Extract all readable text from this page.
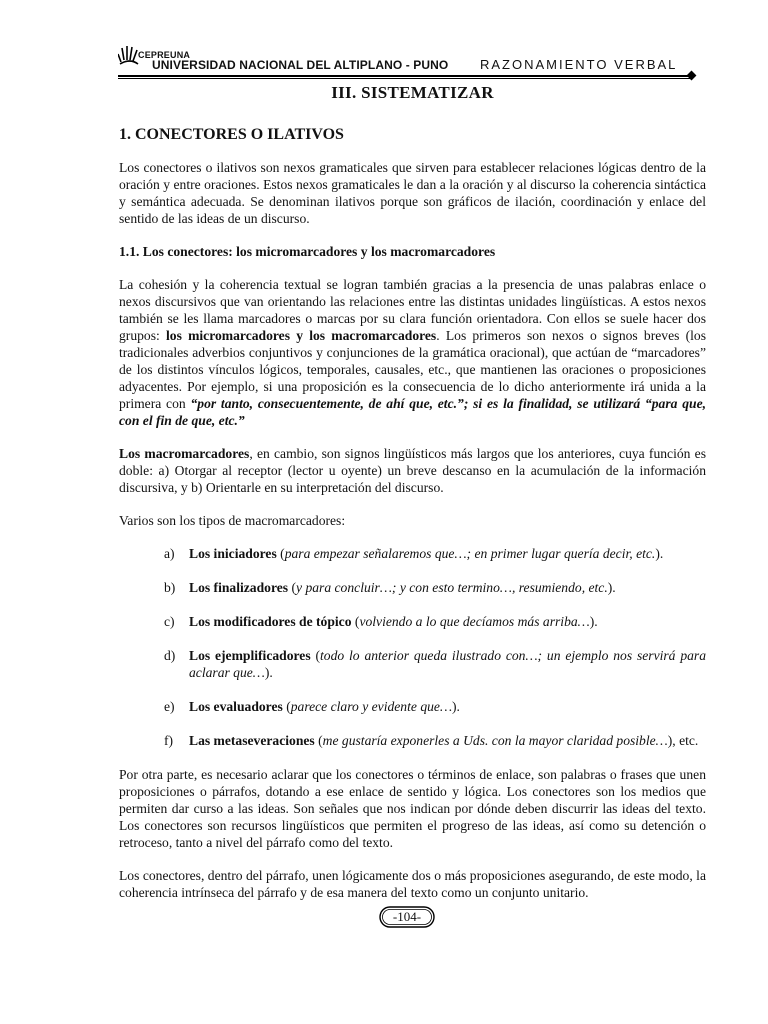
CEPREUNA
UNIVERSIDAD NACIONAL DEL ALTIPLANO - PUNO RAZONAMIENTO VERBAL
III. SISTEMATIZAR
1. CONECTORES O ILATIVOS

Los conectores o ilativos son nexos gramaticales que sirven para establecer relaciones lógicas dentro de la oración y entre oraciones. Estos nexos gramaticales le dan a la oración y al discurso la coherencia sintáctica y semántica adecuada. Se denominan ilativos porque son gráficos de ilación, coordinación y enlace del sentido de las ideas de un discurso.

1.1. Los conectores: los micromarcadores y los macromarcadores

La cohesión y la coherencia textual se logran también gracias a la presencia de unas palabras enlace o nexos discursivos que van orientando las relaciones entre las distintas unidades lingüísticas. A estos nexos también se les llama marcadores o marcas por su clara función orientadora. Con ellos se suele hacer dos grupos: los micromarcadores y los macromarcadores. Los primeros son nexos o signos breves (los tradicionales adverbios conjuntivos y conjunciones de la gramática oracional), que actúan de “marcadores” de los distintos vínculos lógicos, temporales, causales, etc., que mantienen las oraciones o proposiciones adyacentes. Por ejemplo, si una proposición es la consecuencia de lo dicho anteriormente irá unida a la primera con “por tanto, consecuentemente, de ahí que, etc.”; si es la finalidad, se utilizará “para que, con el fin de que, etc.”

Los macromarcadores, en cambio, son signos lingüísticos más largos que los anteriores, cuya función es doble: a) Otorgar al receptor (lector u oyente) un breve descanso en la acumulación de la información discursiva, y b) Orientarle en su interpretación del discurso.

Varios son los tipos de macromarcadores:

a) Los iniciadores (para empezar señalaremos que…; en primer lugar quería decir, etc.).
b) Los finalizadores (y para concluir…; y con esto termino…, resumiendo, etc.).
c) Los modificadores de tópico (volviendo a lo que decíamos más arriba…).
d) Los ejemplificadores (todo lo anterior queda ilustrado con…; un ejemplo nos servirá para aclarar que…).
e) Los evaluadores (parece claro y evidente que…).
f) Las metaseveraciones (me gustaría exponerles a Uds. con la mayor claridad posible…), etc.

Por otra parte, es necesario aclarar que los conectores o términos de enlace, son palabras o frases que unen proposiciones o párrafos, dotando a ese enlace de sentido y lógica. Los conectores son los medios que permiten dar curso a las ideas. Son señales que nos indican por dónde deben discurrir las ideas del texto. Los conectores son recursos lingüísticos que permiten el progreso de las ideas, así como su detención o retroceso, tanto a nivel del párrafo como del texto.

Los conectores, dentro del párrafo, unen lógicamente dos o más proposiciones asegurando, de este modo, la coherencia intrínseca del párrafo y de esa manera del texto como un conjunto unitario.

-104-
